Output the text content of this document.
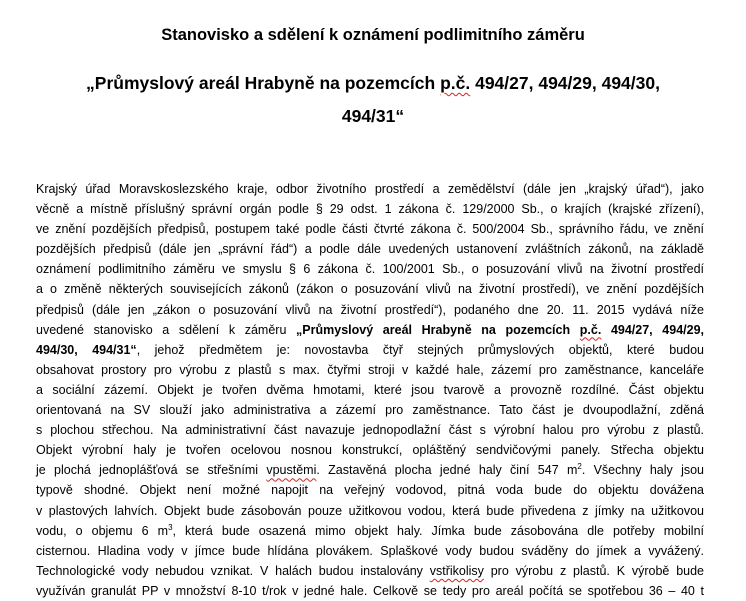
Stanovisko a sdělení k oznámení podlimitního záměru
„Průmyslový areál Hrabyně na pozemcích p.č. 494/27, 494/29, 494/30,
494/31“
Krajský úřad Moravskoslezského kraje, odbor životního prostředí a zemědělství (dále jen „krajský úřad“), jako
věcně a místně příslušný správní orgán podle § 29 odst. 1 zákona č. 129/2000 Sb., o krajích (krajské zřízení),
ve znění pozdějších předpisů, postupem také podle části čtvrté zákona č. 500/2004 Sb., správního řádu, ve znění
pozdějších předpisů (dále jen „správní řád“) a podle dále uvedených ustanovení zvláštních zákonů, na základě
oznámení podlimitního záměru ve smyslu § 6 zákona č. 100/2001 Sb., o posuzování vlivů na životní prostředí
a o změně některých souvisejících zákonů (zákon o posuzování vlivů na životní prostředí), ve znění pozdějších
předpisů (dále jen „zákon o posuzování vlivů na životní prostředí“), podaného dne 20. 11. 2015 vydává níže
uvedené stanovisko a sdělení k záměru „Průmyslový areál Hrabyně na pozemcích p.č. 494/27, 494/29,
494/30, 494/31“, jehož předmětem je: novostavba čtyř stejných průmyslových objektů, které budou
obsahovat prostory pro výrobu z plastů s max. čtyřmi stroji v každé hale, zázemí pro zaměstnance, kanceláře
a sociální zázemí. Objekt je tvořen dvěma hmotami, které jsou tvarově a provozně rozdílné. Část objektu
orientovaná na SV slouží jako administrativa a zázemí pro zaměstnance. Tato část je dvoupodlažní, zděná
s plochou střechou. Na administrativní část navazuje jednopodlažní část s výrobní halou pro výrobu z plastů.
Objekt výrobní haly je tvořen ocelovou nosnou konstrukcí, opláštěný sendvičovými panely. Střecha objektu
je plochá jednoplášťová se střešními vpustěmi. Zastavěná plocha jedné haly činí 547 $m^2$. Všechny haly jsou
typově shodné. Objekt není možné napojit na veřejný vodovod, pitná voda bude do objektu dovážena
v plastových lahvích. Objekt bude zásobován pouze užitkovou vodou, která bude přivedena z jímky na užitkovou
vodu, o objemu 6 $m^3$, která bude osazená mimo objekt haly. Jímka bude zásobována dle potřeby mobilní
cisternou. Hladina vody v jímce bude hlídána plovákem. Splaškové vody budou sváděny do jímek a vyvážený.
Technologické vody nebudou vznikat. V halách budou instalovány vstřikolisy pro výrobu z plastů. K výrobě bude
využíván granulát PP v množství 8-10 t/rok v jedné hale. Celkově se tedy pro areál počítá se spotřebou 36 – 40 t
